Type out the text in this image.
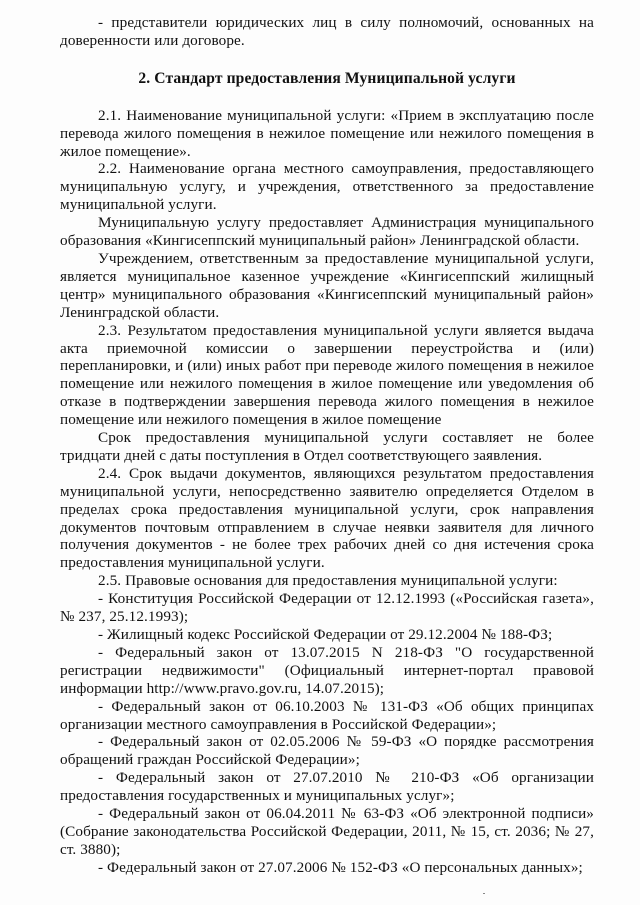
- представители юридических лиц в силу полномочий, основанных на доверенности или договоре.

2. Стандарт предоставления Муниципальной услуги

2.1. Наименование муниципальной услуги: «Прием в эксплуатацию после перевода жилого помещения в нежилое помещение или нежилого помещения в жилое помещение».

2.2. Наименование органа местного самоуправления, предоставляющего муниципальную услугу, и учреждения, ответственного за предоставление муниципальной услуги.

Муниципальную услугу предоставляет Администрация муниципального образования «Кингисеппский муниципальный район» Ленинградской области.

Учреждением, ответственным за предоставление муниципальной услуги, является муниципальное казенное учреждение «Кингисеппский жилищный центр» муниципального образования «Кингисеппский муниципальный район» Ленинградской области.

2.3. Результатом предоставления муниципальной услуги является выдача акта приемочной комиссии о завершении переустройства и (или) перепланировки, и (или) иных работ при переводе жилого помещения в нежилое помещение или нежилого помещения в жилое помещение или уведомления об отказе в подтверждении завершения перевода жилого помещения в нежилое помещение или нежилого помещения в жилое помещение

Срок предоставления муниципальной услуги составляет не более тридцати дней с даты поступления в Отдел соответствующего заявления.

2.4. Срок выдачи документов, являющихся результатом предоставления муниципальной услуги, непосредственно заявителю определяется Отделом в пределах срока предоставления муниципальной услуги, срок направления документов почтовым отправлением в случае неявки заявителя для личного получения документов - не более трех рабочих дней со дня истечения срока предоставления муниципальной услуги.

2.5. Правовые основания для предоставления муниципальной услуги:

- Конституция Российской Федерации от 12.12.1993 («Российская газета», № 237, 25.12.1993);

- Жилищный кодекс Российской Федерации от 29.12.2004 № 188-ФЗ;

- Федеральный закон от 13.07.2015 N 218-ФЗ "О государственной регистрации недвижимости" (Официальный интернет-портал правовой информации http://www.pravo.gov.ru, 14.07.2015);

- Федеральный закон от 06.10.2003 № 131-ФЗ «Об общих принципах организации местного самоуправления в Российской Федерации»;

- Федеральный закон от 02.05.2006 № 59-ФЗ «О порядке рассмотрения обращений граждан Российской Федерации»;

- Федеральный закон от 27.07.2010 № 210-ФЗ «Об организации предоставления государственных и муниципальных услуг»;

- Федеральный закон от 06.04.2011 № 63-ФЗ «Об электронной подписи» (Собрание законодательства Российской Федерации, 2011, № 15, ст. 2036; № 27, ст. 3880);

- Федеральный закон от 27.07.2006 № 152-ФЗ «О персональных данных»;
